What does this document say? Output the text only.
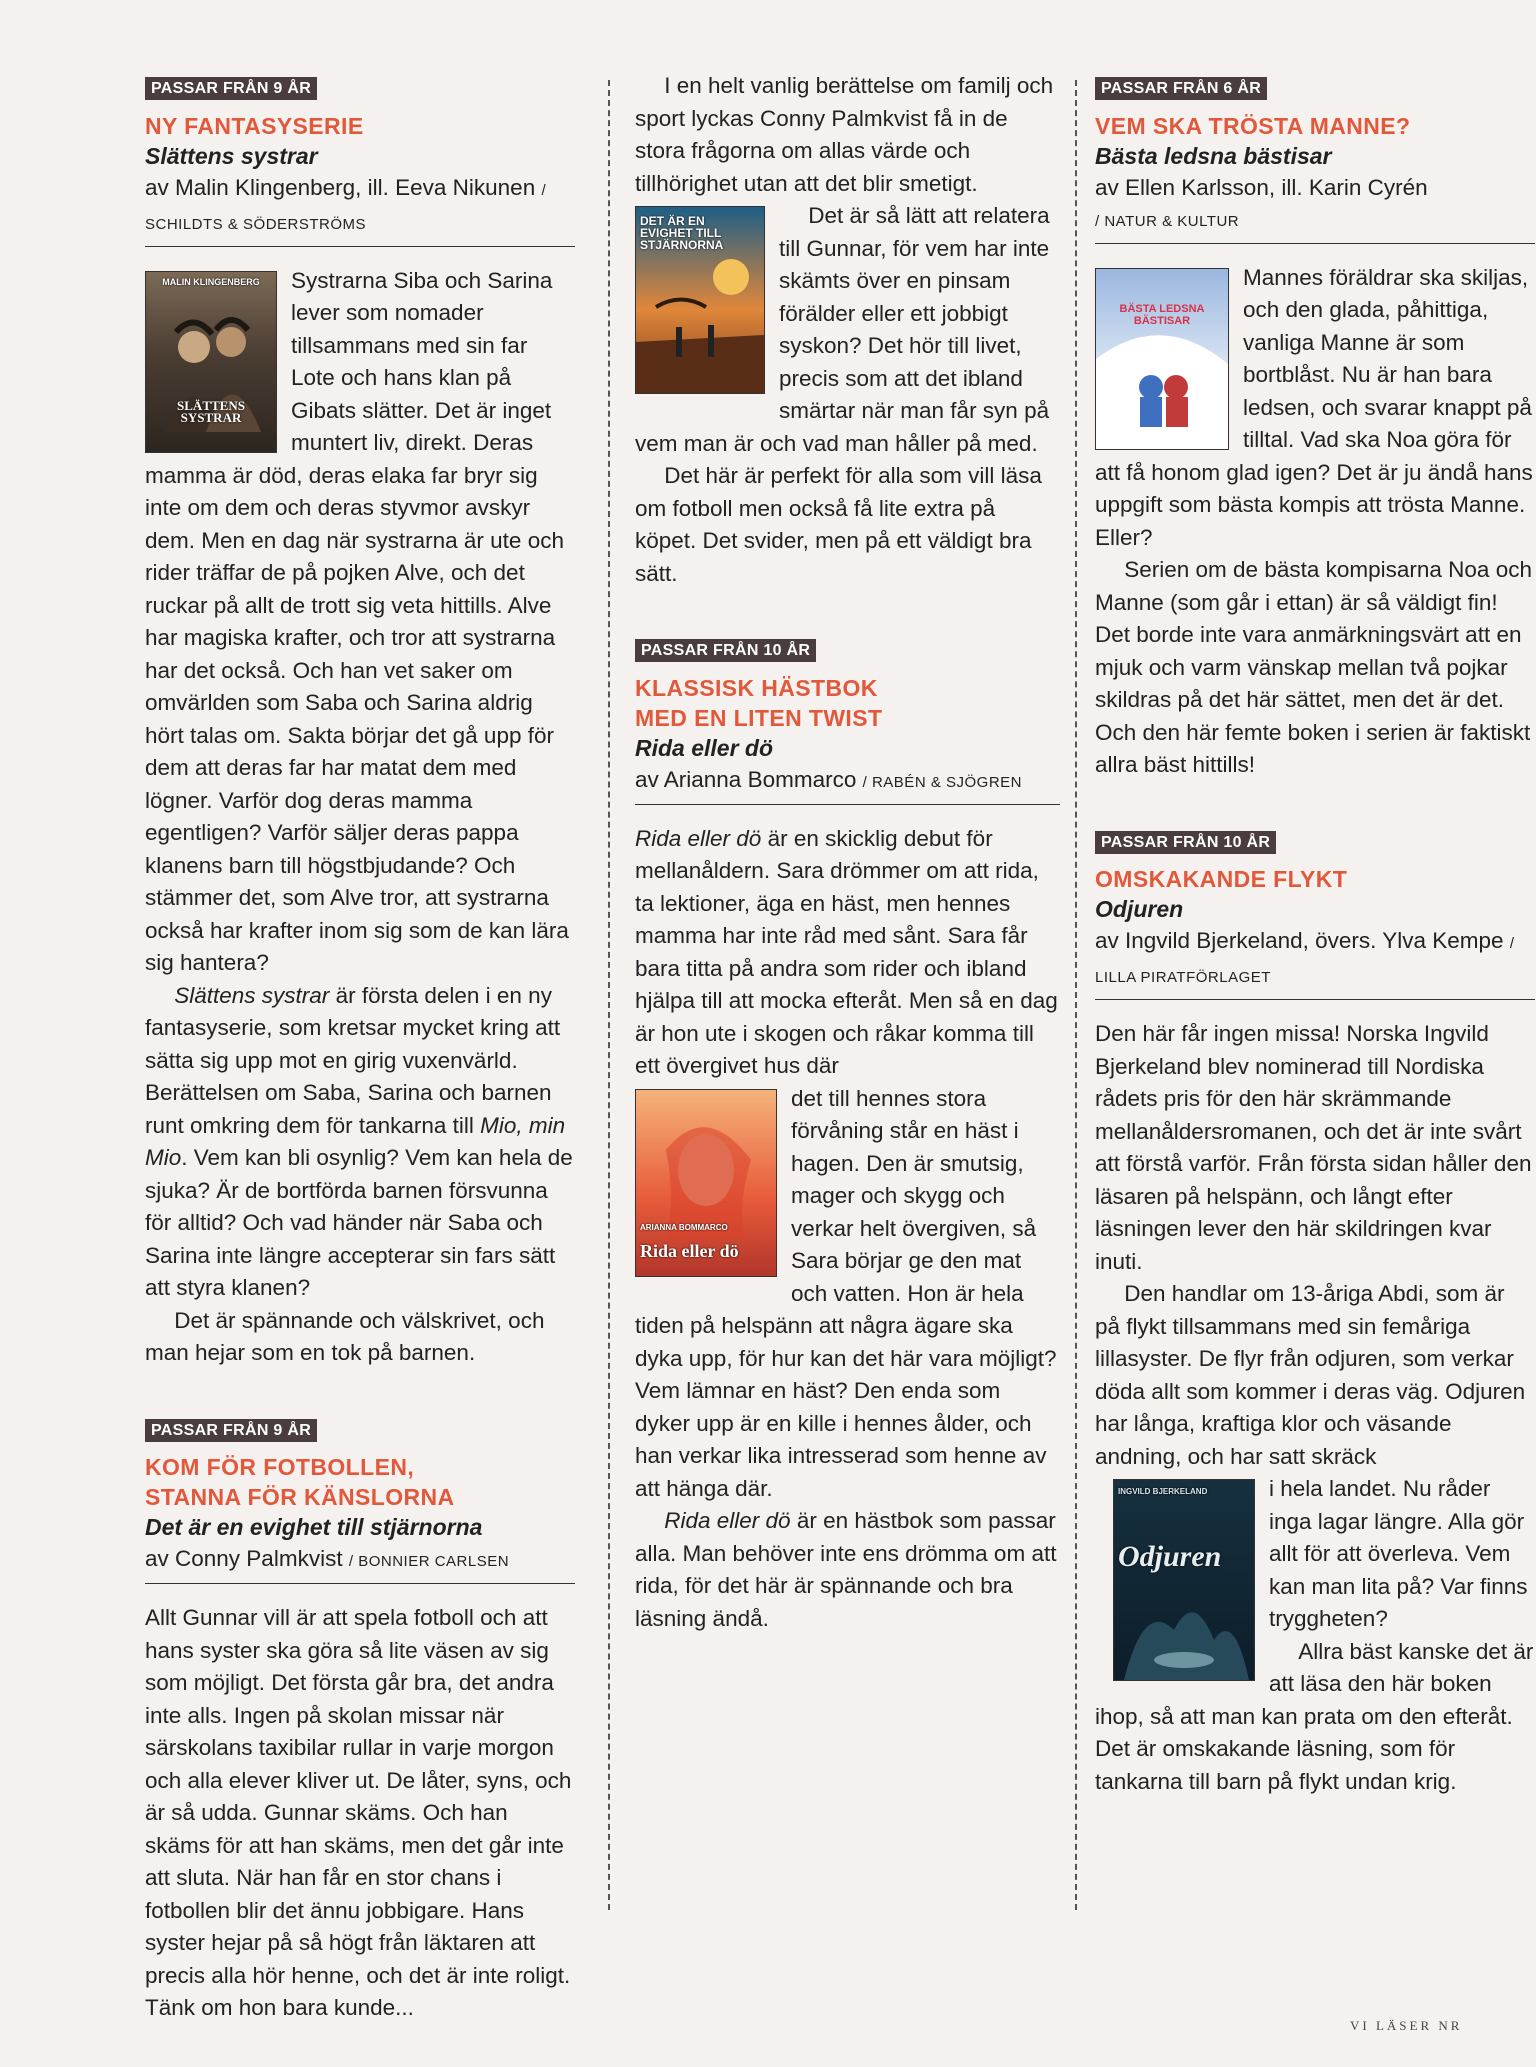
PASSAR FRÅN 9 ÅR
NY FANTASYSERIE
Slättens systrar
av Malin Klingenberg, ill. Eeva Nikunen / SCHILDTS & SÖDERSTRÖMS
MALIN KLINGENBERG
SLÄTTENS SYSTRAR

Systrarna Siba och Sarina lever som nomader tillsammans med sin far Lote och hans klan på Gibats slätter. Det är inget muntert liv, direkt. Deras mamma är död, deras elaka far bryr sig inte om dem och deras styvmor avskyr dem. Men en dag när systrarna är ute och rider träffar de på pojken Alve, och det ruckar på allt de trott sig veta hittills. Alve har magiska krafter, och tror att systrarna har det också. Och han vet saker om omvärlden som Saba och Sarina aldrig hört talas om. Sakta börjar det gå upp för dem att deras far har matat dem med lögner. Varför dog deras mamma egentligen? Varför säljer deras pappa klanens barn till högstbjudande? Och stämmer det, som Alve tror, att systrarna också har krafter inom sig som de kan lära sig hantera?

Slättens systrar är första delen i en ny fantasyserie, som kretsar mycket kring att sätta sig upp mot en girig vuxenvärld. Berättelsen om Saba, Sarina och barnen runt omkring dem för tankarna till Mio, min Mio. Vem kan bli osynlig? Vem kan hela de sjuka? Är de bortförda barnen försvunna för alltid? Och vad händer när Saba och Sarina inte längre accepterar sin fars sätt att styra klanen?

Det är spännande och välskrivet, och man hejar som en tok på barnen.

PASSAR FRÅN 9 ÅR
KOM FÖR FOTBOLLEN,
STANNA FÖR KÄNSLORNA
Det är en evighet till stjärnorna
av Conny Palmkvist / BONNIER CARLSEN

Allt Gunnar vill är att spela fotboll och att hans syster ska göra så lite väsen av sig som möjligt. Det första går bra, det andra inte alls. Ingen på skolan missar när särskolans taxibilar rullar in varje morgon och alla elever kliver ut. De låter, syns, och är så udda. Gunnar skäms. Och han skäms för att han skäms, men det går inte att sluta. När han får en stor chans i fotbollen blir det ännu jobbigare. Hans syster hejar på så högt från läktaren att precis alla hör henne, och det är inte roligt. Tänk om hon bara kunde...

I en helt vanlig berättelse om familj och sport lyckas Conny Palmkvist få in de stora frågorna om allas värde och tillhörighet utan att det blir smetigt.

DET ÄR EN EVIGHET TILL STJÄRNORNA

Det är så lätt att relatera till Gunnar, för vem har inte skämts över en pinsam förälder eller ett jobbigt syskon? Det hör till livet, precis som att det ibland smärtar när man får syn på vem man är och vad man håller på med.

Det här är perfekt för alla som vill läsa om fotboll men också få lite extra på köpet. Det svider, men på ett väldigt bra sätt.

PASSAR FRÅN 10 ÅR
KLASSISK HÄSTBOK
MED EN LITEN TWIST
Rida eller dö
av Arianna Bommarco / RABÉN & SJÖGREN

Rida eller dö är en skicklig debut för mellanåldern. Sara drömmer om att rida, ta lektioner, äga en häst, men hennes mamma har inte råd med sånt. Sara får bara titta på andra som rider och ibland hjälpa till att mocka efteråt. Men så en dag är hon ute i skogen och råkar komma till ett övergivet hus där

ARIANNA BOMMARCO
Rida eller dö

det till hennes stora förvåning står en häst i hagen. Den är smutsig, mager och skygg och verkar helt övergiven, så Sara börjar ge den mat och vatten. Hon är hela tiden på helspänn att några ägare ska dyka upp, för hur kan det här vara möjligt? Vem lämnar en häst? Den enda som dyker upp är en kille i hennes ålder, och han verkar lika intresserad som henne av att hänga där.

Rida eller dö är en hästbok som passar alla. Man behöver inte ens drömma om att rida, för det här är spännande och bra läsning ändå.

PASSAR FRÅN 6 ÅR
VEM SKA TRÖSTA MANNE?
Bästa ledsna bästisar
av Ellen Karlsson, ill. Karin Cyrén
/ NATUR & KULTUR
BÄSTA LEDSNA BÄSTISAR

Mannes föräldrar ska skiljas, och den glada, påhittiga, vanliga Manne är som bortblåst. Nu är han bara ledsen, och svarar knappt på tilltal. Vad ska Noa göra för att få honom glad igen? Det är ju ändå hans uppgift som bästa kompis att trösta Manne. Eller?

Serien om de bästa kompisarna Noa och Manne (som går i ettan) är så väldigt fin! Det borde inte vara anmärkningsvärt att en mjuk och varm vänskap mellan två pojkar skildras på det här sättet, men det är det. Och den här femte boken i serien är faktiskt allra bäst hittills!

PASSAR FRÅN 10 ÅR
OMSKAKANDE FLYKT
Odjuren
av Ingvild Bjerkeland, övers. Ylva Kempe / LILLA PIRATFÖRLAGET

Den här får ingen missa! Norska Ingvild Bjerkeland blev nominerad till Nordiska rådets pris för den här skrämmande mellanåldersromanen, och det är inte svårt att förstå varför. Från första sidan håller den läsaren på helspänn, och långt efter läsningen lever den här skildringen kvar inuti.

Den handlar om 13-åriga Abdi, som är på flykt tillsammans med sin femåriga lillasyster. De flyr från odjuren, som verkar döda allt som kommer i deras väg. Odjuren har långa, kraftiga klor och väsande andning, och har satt skräck

INGVILD BJERKELAND
Odjuren

i hela landet. Nu råder inga lagar längre. Alla gör allt för att överleva. Vem kan man lita på? Var finns tryggheten?

Allra bäst kanske det är att läsa den här boken ihop, så att man kan prata om den efteråt. Det är omskakande läsning, som för tankarna till barn på flykt undan krig.

VI LÄSER NR
